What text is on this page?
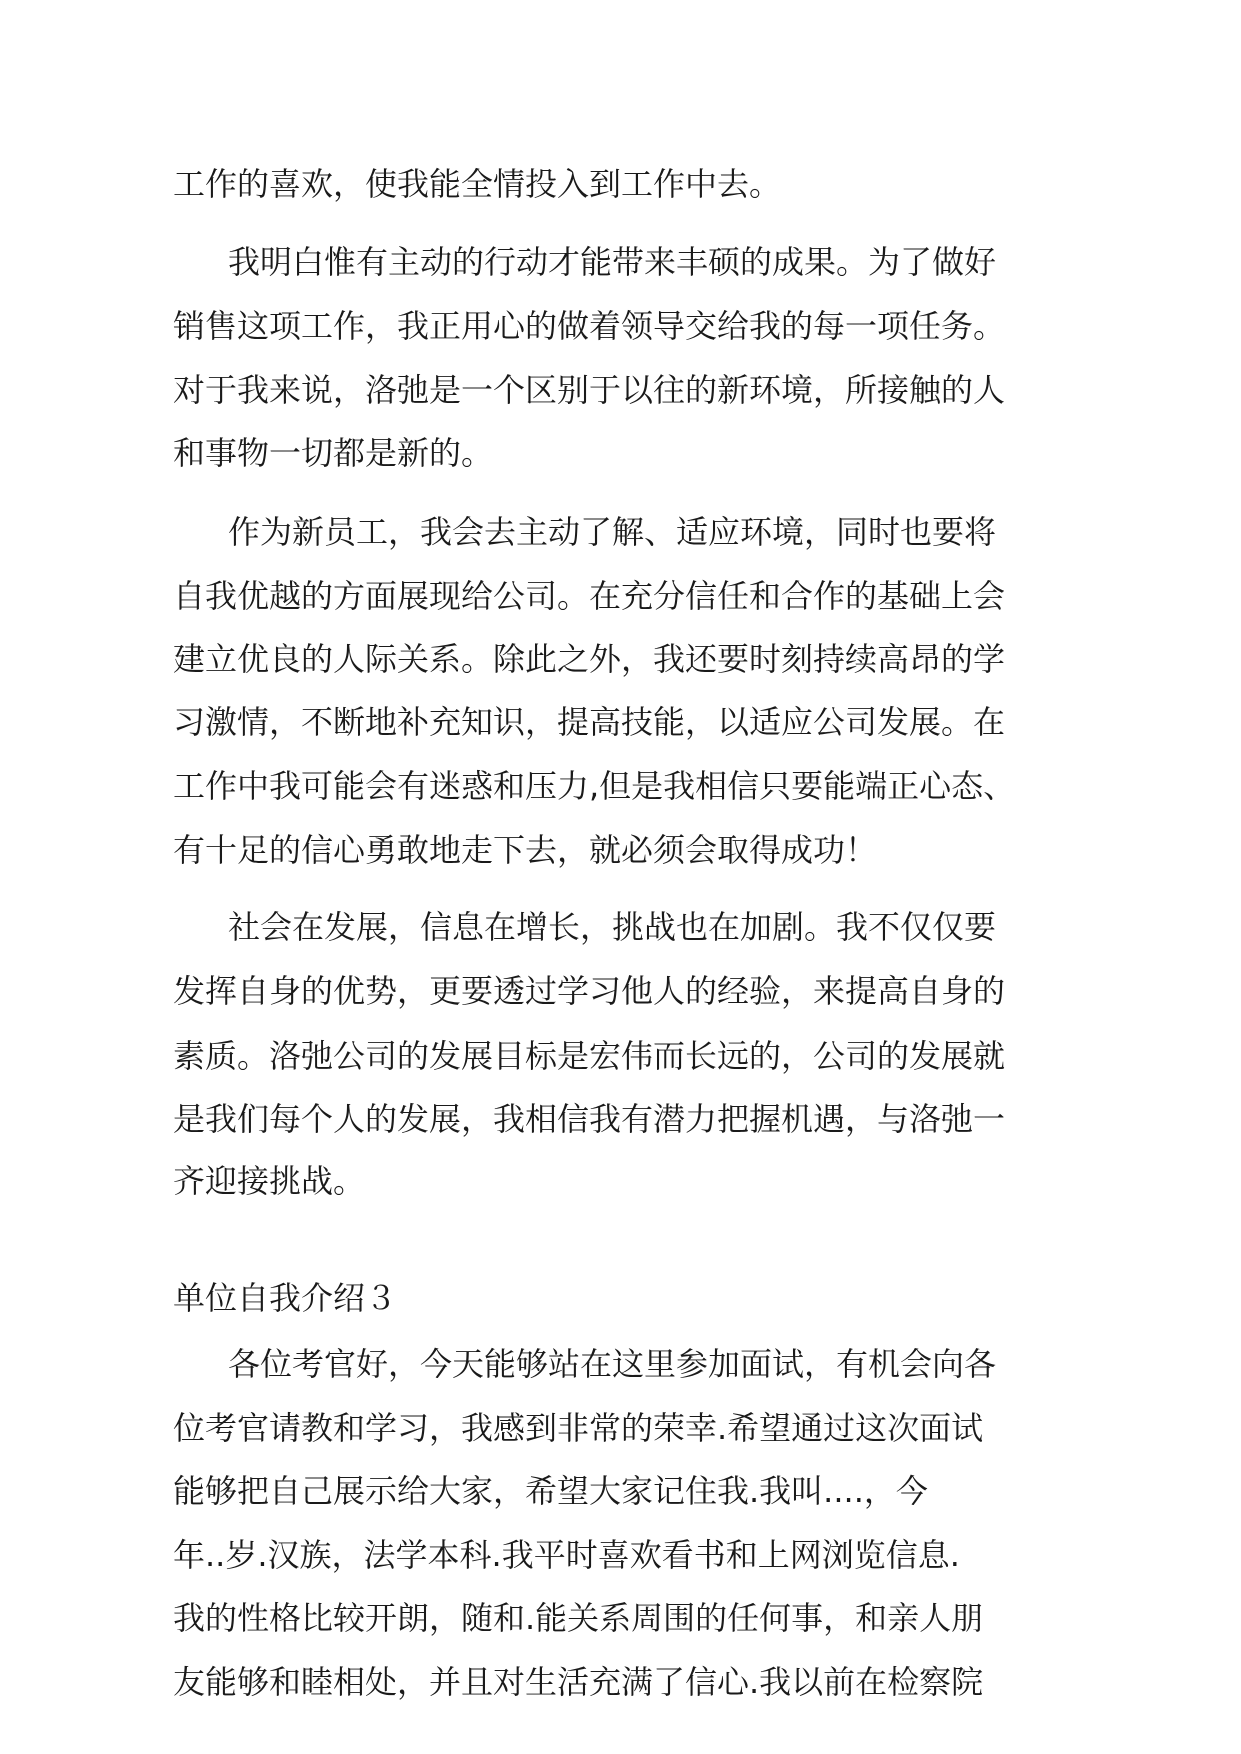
工作的喜欢，使我能全情投入到工作中去。
我明白惟有主动的行动才能带来丰硕的成果。为了做好
销售这项工作，我正用心的做着领导交给我的每一项任务。
对于我来说，洛弛是一个区别于以往的新环境，所接触的人
和事物一切都是新的。
作为新员工，我会去主动了解、适应环境，同时也要将
自我优越的方面展现给公司。在充分信任和合作的基础上会
建立优良的人际关系。除此之外，我还要时刻持续高昂的学
习激情，不断地补充知识，提高技能，以适应公司发展。在
工作中我可能会有迷惑和压力,但是我相信只要能端正心态、
有十足的信心勇敢地走下去，就必须会取得成功！
社会在发展，信息在增长，挑战也在加剧。我不仅仅要
发挥自身的优势，更要透过学习他人的经验，来提高自身的
素质。洛弛公司的发展目标是宏伟而长远的，公司的发展就
是我们每个人的发展，我相信我有潜力把握机遇，与洛弛一
齐迎接挑战。
单位自我介绍３
各位考官好，今天能够站在这里参加面试，有机会向各
位考官请教和学习，我感到非常的荣幸.希望通过这次面试
能够把自己展示给大家，希望大家记住我.我叫....，今
年..岁.汉族，法学本科.我平时喜欢看书和上网浏览信息.
我的性格比较开朗，随和.能关系周围的任何事，和亲人朋
友能够和睦相处，并且对生活充满了信心.我以前在检察院
